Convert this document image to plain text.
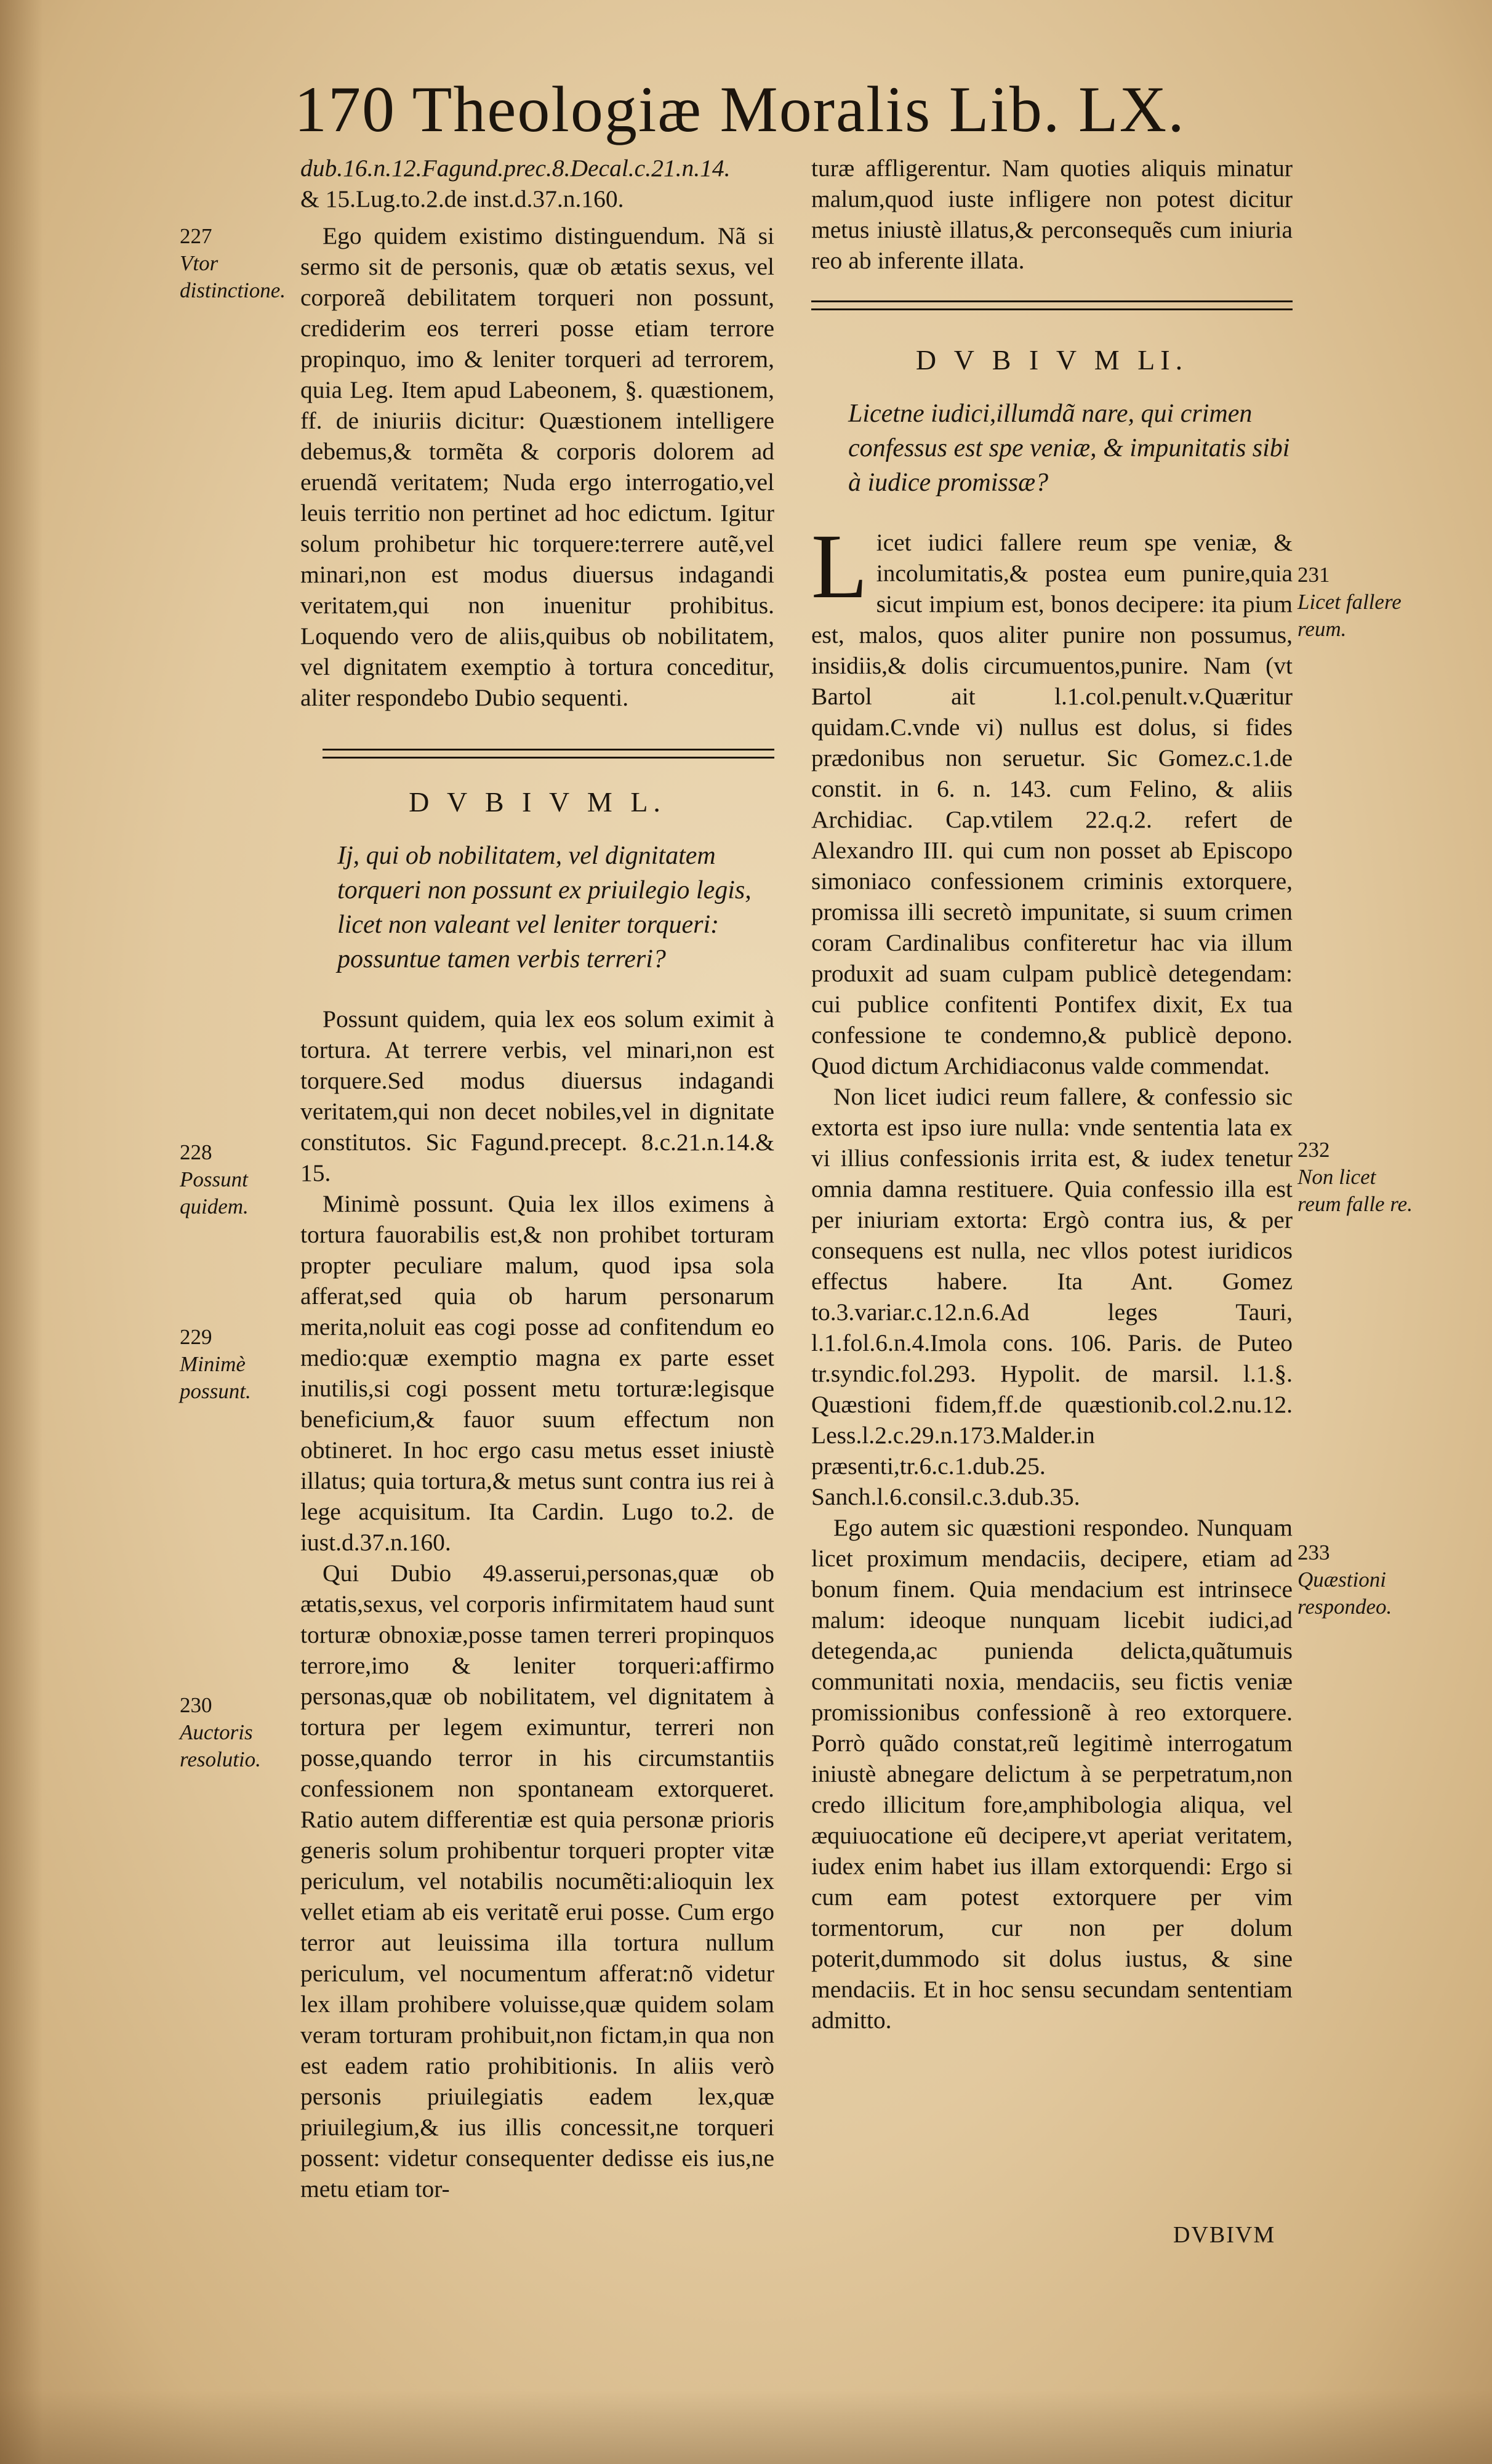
170 Theologiæ Moralis Lib. LX.

dub.16.n.12.Fagund.prec.8.Decal.c.21.n.14.

& 15.Lug.to.2.de inst.d.37.n.160.

Ego quidem existimo distinguendum. Nã si sermo sit de personis, quæ ob ætatis sexus, vel corporeã debilitatem torqueri non possunt, crediderim eos terreri posse etiam terrore propinquo, imo & leniter torqueri ad terrorem, quia Leg. Item apud Labeonem, §. quæstionem, ff. de iniuriis dicitur: Quæstionem intelligere debemus,& tormẽta & corporis dolorem ad eruendã veritatem; Nuda ergo interrogatio,vel leuis territio non pertinet ad hoc edictum. Igitur solum prohibetur hic torquere:terrere autẽ,vel minari,non est modus diuersus indagandi veritatem,qui non inuenitur prohibitus. Loquendo vero de aliis,quibus ob nobilitatem, vel dignitatem exemptio à tortura conceditur, aliter respondebo Dubio sequenti.

D V B I V M L.

Ij, qui ob nobilitatem, vel dignitatem torqueri non possunt ex priuilegio legis, licet non valeant vel leniter torqueri: possuntue tamen verbis terreri?

Possunt quidem, quia lex eos solum eximit à tortura. At terrere verbis, vel minari,non est torquere.Sed modus diuersus indagandi veritatem,qui non decet nobiles,vel in dignitate constitutos. Sic Fagund.precept. 8.c.21.n.14.& 15.

Minimè possunt. Quia lex illos eximens à tortura fauorabilis est,& non prohibet torturam propter peculiare malum, quod ipsa sola afferat,sed quia ob harum personarum merita,noluit eas cogi posse ad confitendum eo medio:quæ exemptio magna ex parte esset inutilis,si cogi possent metu torturæ:legisque beneficium,& fauor suum effectum non obtineret. In hoc ergo casu metus esset iniustè illatus; quia tortura,& metus sunt contra ius rei à lege acquisitum. Ita Cardin. Lugo to.2. de iust.d.37.n.160.

Qui Dubio 49.asserui,personas,quæ ob ætatis,sexus, vel corporis infirmitatem haud sunt torturæ obnoxiæ,posse tamen terreri propinquos terrore,imo & leniter torqueri:affirmo personas,quæ ob nobilitatem, vel dignitatem à tortura per legem eximuntur, terreri non posse,quando terror in his circumstantiis confessionem non spontaneam extorqueret. Ratio autem differentiæ est quia personæ prioris generis solum prohibentur torqueri propter vitæ periculum, vel notabilis nocumẽti:alioquin lex vellet etiam ab eis veritatẽ erui posse. Cum ergo terror aut leuissima illa tortura nullum periculum, vel nocumentum afferat:nõ videtur lex illam prohibere voluisse,quæ quidem solam veram torturam prohibuit,non fictam,in qua non est eadem ratio prohibitionis. In aliis verò personis priuilegiatis eadem lex,quæ priuilegium,& ius illis concessit,ne torqueri possent: videtur consequenter dedisse eis ius,ne metu etiam tor-

turæ affligerentur. Nam quoties aliquis minatur malum,quod iuste infligere non potest dicitur metus iniustè illatus,& perconsequẽs cum iniuria reo ab inferente illata.

D V B I V M LI.

Licetne iudici,illumdã nare, qui crimen confessus est spe veniæ, & impunitatis sibi à iudice promissæ?

Licet iudici fallere reum spe veniæ, & incolumitatis,& postea eum punire,quia sicut impium est, bonos decipere: ita pium est, malos, quos aliter punire non possumus, insidiis,& dolis circumuentos,punire. Nam (vt Bartol ait l.1.col.penult.v.Quæritur quidam.C.vnde vi) nullus est dolus, si fides prædonibus non seruetur. Sic Gomez.c.1.de constit. in 6. n. 143. cum Felino, & aliis Archidiac. Cap.vtilem 22.q.2. refert de Alexandro III. qui cum non posset ab Episcopo simoniaco confessionem criminis extorquere, promissa illi secretò impunitate, si suum crimen coram Cardinalibus confiteretur hac via illum produxit ad suam culpam publicè detegendam: cui publice confitenti Pontifex dixit, Ex tua confessione te condemno,& publicè depono. Quod dictum Archidiaconus valde commendat.

Non licet iudici reum fallere, & confessio sic extorta est ipso iure nulla: vnde sententia lata ex vi illius confessionis irrita est, & iudex tenetur omnia damna restituere. Quia confessio illa est per iniuriam extorta: Ergò contra ius, & per consequens est nulla, nec vllos potest iuridicos effectus habere. Ita Ant. Gomez to.3.variar.c.12.n.6.Ad leges Tauri, l.1.fol.6.n.4.Imola cons. 106. Paris. de Puteo tr.syndic.fol.293. Hypolit. de marsil. l.1.§. Quæstioni fidem,ff.de quæstionib.col.2.nu.12. Less.l.2.c.29.n.173.Malder.in præsenti,tr.6.c.1.dub.25. Sanch.l.6.consil.c.3.dub.35.

Ego autem sic quæstioni respondeo. Nunquam licet proximum mendaciis, decipere, etiam ad bonum finem. Quia mendacium est intrinsece malum: ideoque nunquam licebit iudici,ad detegenda,ac punienda delicta,quãtumuis communitati noxia, mendaciis, seu fictis veniæ promissionibus confessionẽ à reo extorquere. Porrò quãdo constat,reũ legitimè interrogatum iniustè abnegare delictum à se perpetratum,non credo illicitum fore,amphibologia aliqua, vel æquiuocatione eũ decipere,vt aperiat veritatem, iudex enim habet ius illam extorquendi: Ergo si cum eam potest extorquere per vim tormentorum, cur non per dolum poterit,dummodo sit dolus iustus, & sine mendaciis. Et in hoc sensu secundam sententiam admitto.

227
Vtor distinctione.
228
Possunt quidem.
229
Minimè possunt.
230
Auctoris resolutio.
231
Licet fallere reum.
232
Non licet reum falle re.
233
Quæstioni respondeo.
DVBIVM
